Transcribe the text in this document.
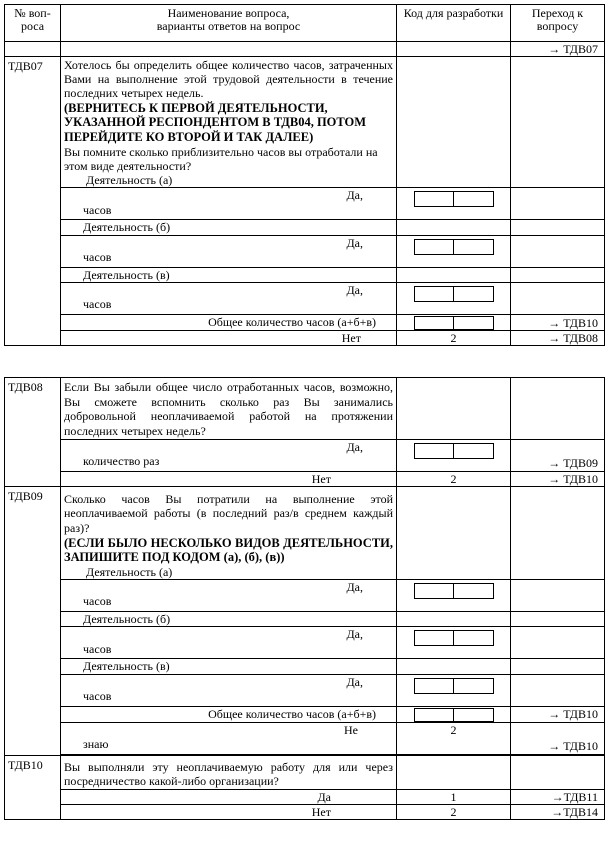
№ воп-роса	Наименование вопроса,
варианты ответов на вопрос	Код для разработки	Переход к вопросу
			→ ТДВ07
ТДВ07	Хотелось бы определить общее количество часов, затраченных Вами на выполнение этой трудовой деятельности в течение последних четырех недель.
(ВЕРНИТЕСЬ К ПЕРВОЙ ДЕЯТЕЛЬНОСТИ, УКАЗАННОЙ РЕСПОНДЕНТОМ В ТДВ04, ПОТОМ ПЕРЕЙДИТЕ КО ВТОРОЙ И ТАК ДАЛЕЕ)
Вы помните сколько приблизительно часов вы отработали на этом виде деятельности?
Деятельность (а)		

	Да,
часов		

	Деятельность (б)		

	Да,
часов		

	Деятельность (в)		

	Да,
часов		

	Общее количество часов (а+б+в)		→ ТДВ10
	Нет	2	→ ТДВ08
ТДВ08	Если Вы забыли общее число отработанных часов, возможно, Вы сможете вспомнить сколько раз Вы занимались добровольной неоплачиваемой работой на протяжении последних четырех недель?		

	Да,
количество раз		→ ТДВ09
	Нет	2	→ ТДВ10
ТДВ09	Сколько часов Вы потратили на выполнение этой неоплачиваемой работы (в последний раз/в среднем каждый раз)?
(ЕСЛИ БЫЛО НЕСКОЛЬКО ВИДОВ ДЕЯТЕЛЬНОСТИ, ЗАПИШИТЕ ПОД КОДОМ (а), (б), (в))
Деятельность (а)		

	Да,
часов		

	Деятельность (б)		

	Да,
часов		

	Деятельность (в)		

	Да,
часов		

	Общее количество часов (а+б+в)		→ ТДВ10

	Не
знаю	2	→ ТДВ10

ТДВ10	Вы выполняли эту неоплачиваемую работу для или через посредничество какой-либо организации?		

	Да	1	→ТДВ11
	Нет	2	→ТДВ14
